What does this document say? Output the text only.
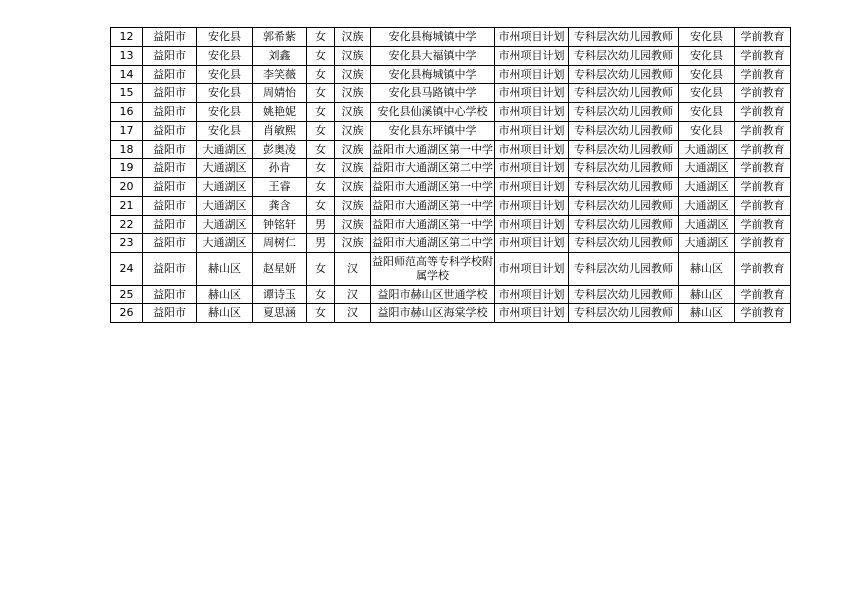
12	益阳市	安化县	郭希紫	女	汉族	安化县梅城镇中学	市州项目计划	专科层次幼儿园教师	安化县	学前教育
13	益阳市	安化县	刘鑫	女	汉族	安化县大福镇中学	市州项目计划	专科层次幼儿园教师	安化县	学前教育
14	益阳市	安化县	李笑薇	女	汉族	安化县梅城镇中学	市州项目计划	专科层次幼儿园教师	安化县	学前教育
15	益阳市	安化县	周婧怡	女	汉族	安化县马路镇中学	市州项目计划	专科层次幼儿园教师	安化县	学前教育
16	益阳市	安化县	姚艳妮	女	汉族	安化县仙溪镇中心学校	市州项目计划	专科层次幼儿园教师	安化县	学前教育
17	益阳市	安化县	肖敏熙	女	汉族	安化县东坪镇中学	市州项目计划	专科层次幼儿园教师	安化县	学前教育
18	益阳市	大通湖区	彭奥凌	女	汉族	益阳市大通湖区第一中学	市州项目计划	专科层次幼儿园教师	大通湖区	学前教育
19	益阳市	大通湖区	孙肯	女	汉族	益阳市大通湖区第二中学	市州项目计划	专科层次幼儿园教师	大通湖区	学前教育
20	益阳市	大通湖区	王睿	女	汉族	益阳市大通湖区第一中学	市州项目计划	专科层次幼儿园教师	大通湖区	学前教育
21	益阳市	大通湖区	龚含	女	汉族	益阳市大通湖区第一中学	市州项目计划	专科层次幼儿园教师	大通湖区	学前教育
22	益阳市	大通湖区	钟铭轩	男	汉族	益阳市大通湖区第一中学	市州项目计划	专科层次幼儿园教师	大通湖区	学前教育
23	益阳市	大通湖区	周树仁	男	汉族	益阳市大通湖区第二中学	市州项目计划	专科层次幼儿园教师	大通湖区	学前教育
24	益阳市	赫山区	赵星妍	女	汉	益阳师范高等专科学校附属学校	市州项目计划	专科层次幼儿园教师	赫山区	学前教育
25	益阳市	赫山区	谭诗玉	女	汉	益阳市赫山区世通学校	市州项目计划	专科层次幼儿园教师	赫山区	学前教育
26	益阳市	赫山区	夏思涵	女	汉	益阳市赫山区海棠学校	市州项目计划	专科层次幼儿园教师	赫山区	学前教育
